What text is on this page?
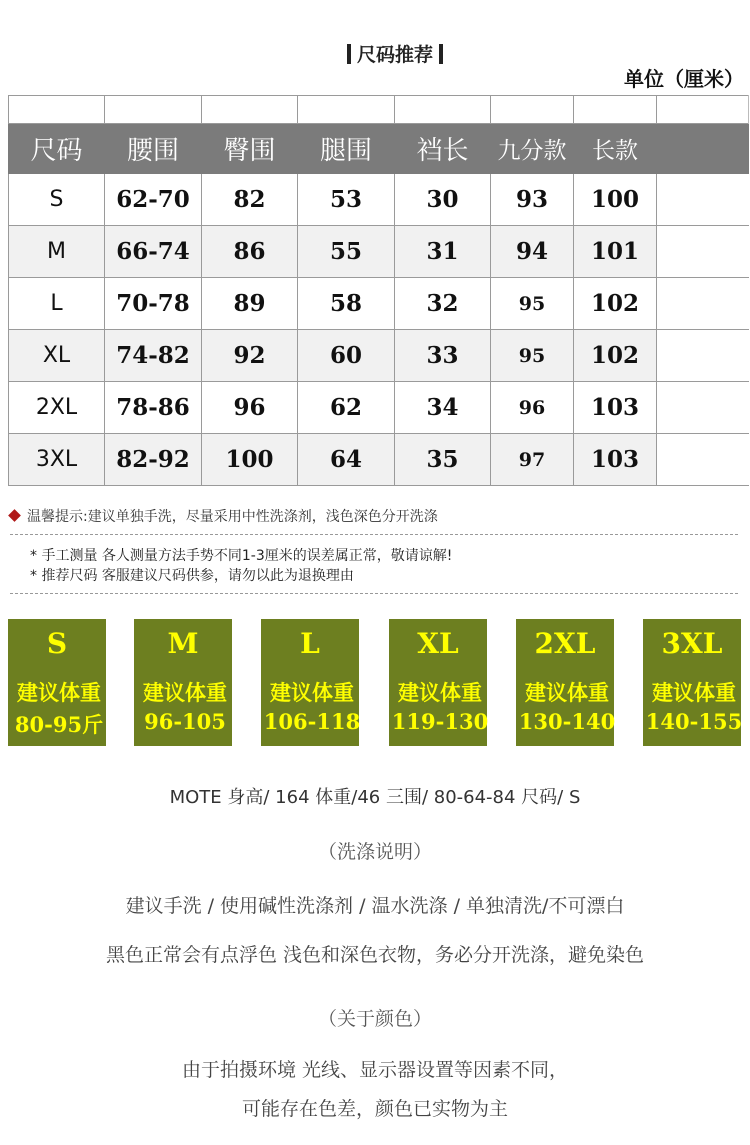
尺码推荐
单位（厘米）

尺码	腰围	臀围	腿围	裆长	九分款	长款	
S	62-70	82	53	30	93	100	
M	66-74	86	55	31	94	101	
L	70-78	89	58	32	95	102	
XL	74-82	92	60	33	95	102	
2XL	78-86	96	62	34	96	103	
3XL	82-92	100	64	35	97	103	
温馨提示:建议单独手洗，尽量采用中性洗涤剂，浅色深色分开洗涤
* 手工测量 各人测量方法手势不同1-3厘米的误差属正常，敬请谅解!
* 推荐尺码 客服建议尺码供参，请勿以此为退换理由
S
建议体重
80-95斤
M
建议体重
96-105
L
建议体重
106-118
XL
建议体重
119-130
2XL
建议体重
130-140
3XL
建议体重
140-155
MOTE 身高/ 164 体重/46 三围/ 80-64-84 尺码/ S
（洗涤说明）
建议手洗 / 使用碱性洗涤剂 / 温水洗涤 / 单独清洗/不可漂白
黑色正常会有点浮色 浅色和深色衣物，务必分开洗涤，避免染色
（关于颜色）
由于拍摄环境 光线、显示器设置等因素不同，
可能存在色差，颜色已实物为主
